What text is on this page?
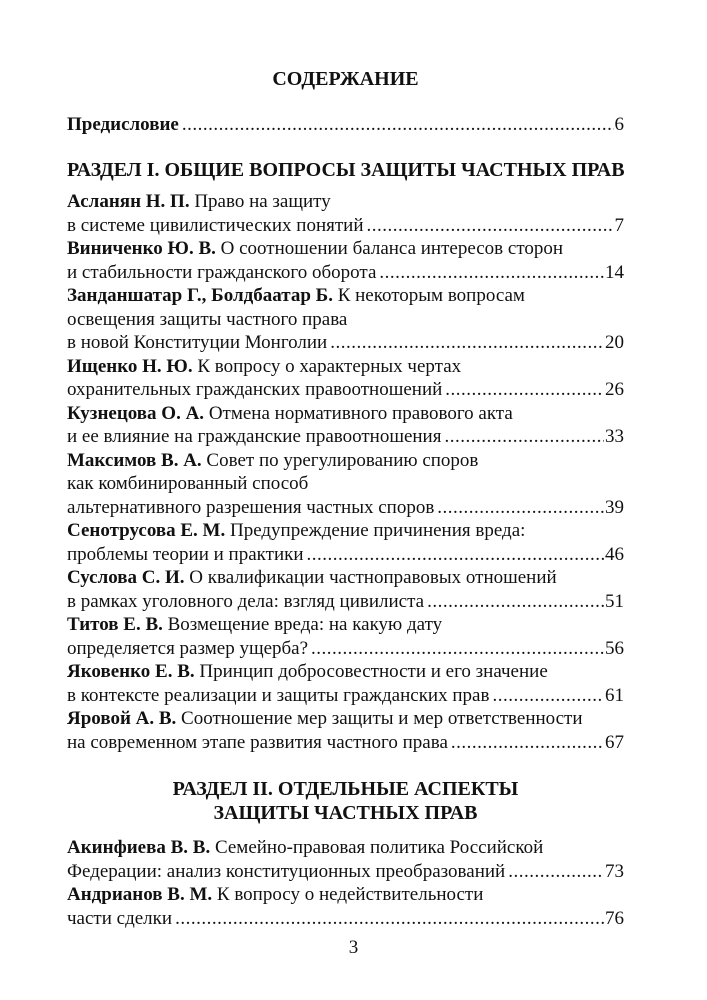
СОДЕРЖАНИЕ
Предисловие .....	6
РАЗДЕЛ I. ОБЩИЕ ВОПРОСЫ ЗАЩИТЫ ЧАСТНЫХ ПРАВ
Асланян Н. П. Право на защиту
в системе цивилистических понятий .....	7
Виниченко Ю. В. О соотношении баланса интересов сторон
и стабильности гражданского оборота .....	14
Занданшатар Г., Болдбаатар Б. К некоторым вопросам
освещения защиты частного права
в новой Конституции Монголии .....	20
Ищенко Н. Ю. К вопросу о характерных чертах
охранительных гражданских правоотношений .....	26
Кузнецова О. А. Отмена нормативного правового акта
и ее влияние на гражданские правоотношения .....	33
Максимов В. А. Совет по урегулированию споров
как комбинированный способ
альтернативного разрешения частных споров .....	39
Сенотрусова Е. М. Предупреждение причинения вреда:
проблемы теории и практики .....	46
Суслова С. И. О квалификации частноправовых отношений
в рамках уголовного дела: взгляд цивилиста .....	51
Титов Е. В. Возмещение вреда: на какую дату
определяется размер ущерба? .....	56
Яковенко Е. В. Принцип добросовестности и его значение
в контексте реализации и защиты гражданских прав .....	61
Яровой А. В. Соотношение мер защиты и мер ответственности
на современном этапе развития частного права .....	67
РАЗДЕЛ II. ОТДЕЛЬНЫЕ АСПЕКТЫ
ЗАЩИТЫ ЧАСТНЫХ ПРАВ
Акинфиева В. В. Семейно-правовая политика Российской
Федерации: анализ конституционных преобразований .....	73
Андрианов В. М. К вопросу о недействительности
части сделки .....	76
3
